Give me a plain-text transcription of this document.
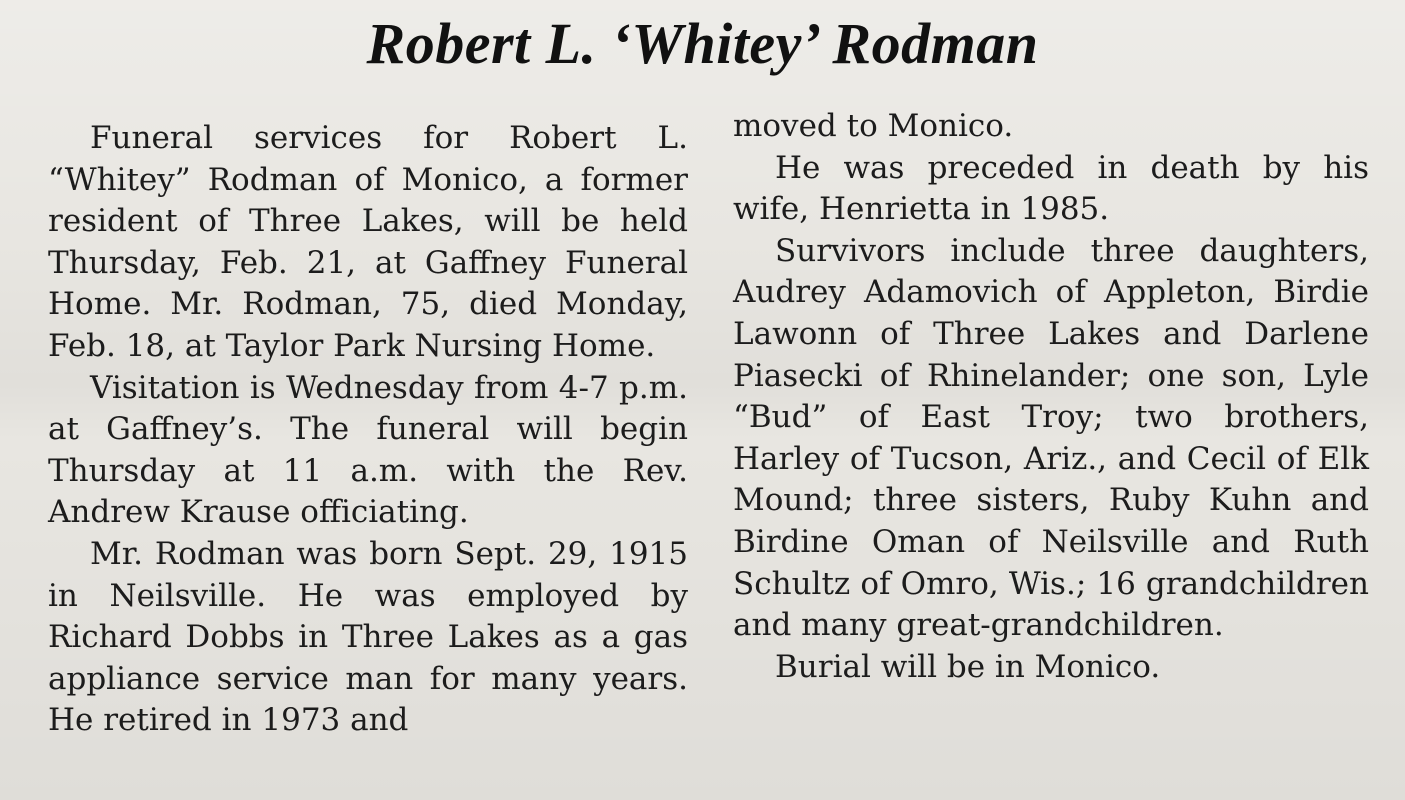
Robert L. ‘Whitey’ Rodman

Funeral services for Robert L. “Whitey” Rodman of Monico, a former resident of Three Lakes, will be held Thursday, Feb. 21, at Gaffney Funeral Home. Mr. Rodman, 75, died Monday, Feb. 18, at Taylor Park Nursing Home.

Visitation is Wednesday from 4-7 p.m. at Gaffney’s. The funeral will begin Thursday at 11 a.m. with the Rev. Andrew Krause officiating.

Mr. Rodman was born Sept. 29, 1915 in Neilsville. He was employed by Richard Dobbs in Three Lakes as a gas appliance service man for many years. He retired in 1973 and

moved to Monico.

He was preceded in death by his wife, Henrietta in 1985.

Survivors include three daughters, Audrey Adamovich of Appleton, Birdie Lawonn of Three Lakes and Darlene Piasecki of Rhinelander; one son, Lyle “Bud” of East Troy; two brothers, Harley of Tucson, Ariz., and Cecil of Elk Mound; three sisters, Ruby Kuhn and Birdine Oman of Neilsville and Ruth Schultz of Omro, Wis.; 16 grandchildren and many great-grandchildren.

Burial will be in Monico.
